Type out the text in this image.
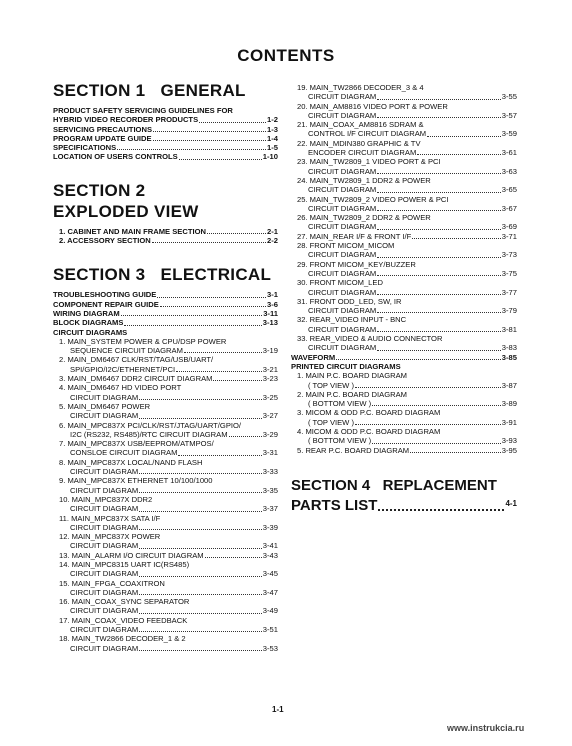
CONTENTS
SECTION 1   GENERAL
PRODUCT SAFETY SERVICING GUIDELINES FOR
HYBRID VIDEO RECORDER PRODUCTS	1-2
SERVICING PRECAUTIONS	1-3
PROGRAM UPDATE GUIDE	1-4
SPECIFICATIONS	1-5
LOCATION OF USERS CONTROLS	1-10
SECTION 2
EXPLODED VIEW
1. CABINET AND MAIN FRAME SECTION	2-1
2. ACCESSORY SECTION	2-2
SECTION 3   ELECTRICAL
TROUBLESHOOTING GUIDE	3-1
COMPONENT REPAIR GUIDE	3-6
WIRING DIAGRAM	3-11
BLOCK DIAGRAMS	3-13
CIRCUIT DIAGRAMS
1. MAIN_SYSTEM POWER & CPU/DSP POWER
SEQUENCE CIRCUIT DIAGRAM	3-19
2. MAIN_DM6467 CLK/RST/TAG/USB/UART/
SPI/GPIO/I2C/ETHERNET/PCI	3-21
3. MAIN_DM6467 DDR2 CIRCUIT DIAGRAM	3-23
4. MAIN_DM6467 HD VIDEO PORT
CIRCUIT DIAGRAM	3-25
5. MAIN_DM6467 POWER
CIRCUIT DIAGRAM	3-27
6. MAIN_MPC837X PCI/CLK/RST/JTAG/UART/GPIO/
I2C (RS232, RS485)/RTC CIRCUIT DIAGRAM	3-29
7. MAIN_MPC837X USB/EEPROM/ATMPOS/
CONSLOE CIRCUIT DIAGRAM	3-31
8. MAIN_MPC837X LOCAL/NAND FLASH
CIRCUIT DIAGRAM	3-33
9. MAIN_MPC837X ETHERNET 10/100/1000
CIRCUIT DIAGRAM	3-35
10. MAIN_MPC837X DDR2
CIRCUIT DIAGRAM	3-37
11. MAIN_MPC837X SATA I/F
CIRCUIT DIAGRAM	3-39
12. MAIN_MPC837X POWER
CIRCUIT DIAGRAM	3-41
13. MAIN_ALARM I/O CIRCUIT DIAGRAM	3-43
14. MAIN_MPC8315 UART IC(RS485)
CIRCUIT DIAGRAM	3-45
15. MAIN_FPGA_COAXITRON
CIRCUIT DIAGRAM	3-47
16. MAIN_COAX_SYNC SEPARATOR
CIRCUIT DIAGRAM	3-49
17. MAIN_COAX_VIDEO FEEDBACK
CIRCUIT DIAGRAM	3-51
18. MAIN_TW2866 DECODER_1 & 2
CIRCUIT DIAGRAM	3-53
19. MAIN_TW2866 DECODER_3 & 4
CIRCUIT DIAGRAM	3-55
20. MAIN_AM8816 VIDEO PORT & POWER
CIRCUIT DIAGRAM	3-57
21. MAIN_COAX_AM8816 SDRAM &
CONTROL I/F CIRCUIT DIAGRAM	3-59
22. MAIN_MDIN380 GRAPHIC & TV
ENCODER CIRCUIT DIAGRAM	3-61
23. MAIN_TW2809_1 VIDEO PORT & PCI
CIRCUIT DIAGRAM	3-63
24. MAIN_TW2809_1 DDR2 & POWER
CIRCUIT DIAGRAM	3-65
25. MAIN_TW2809_2 VIDEO POWER & PCI
CIRCUIT DIAGRAM	3-67
26. MAIN_TW2809_2 DDR2 & POWER
CIRCUIT DIAGRAM	3-69
27. MAIN_REAR I/F & FRONT I/F	3-71
28. FRONT MICOM_MICOM
CIRCUIT DIAGRAM	3-73
29. FRONT MICOM_KEY/BUZZER
CIRCUIT DIAGRAM	3-75
30. FRONT MICOM_LED
CIRCUIT DIAGRAM	3-77
31. FRONT ODD_LED, SW, IR
CIRCUIT DIAGRAM	3-79
32. REAR_VIDEO INPUT - BNC
CIRCUIT DIAGRAM	3-81
33. REAR_VIDEO & AUDIO CONNECTOR
CIRCUIT DIAGRAM	3-83
WAVEFORM	3-85
PRINTED CIRCUIT DIAGRAMS
1. MAIN P.C. BOARD DIAGRAM
( TOP VIEW )	3-87
2. MAIN P.C. BOARD DIAGRAM
( BOTTOM VIEW )	3-89
3. MICOM & ODD P.C. BOARD DIAGRAM
( TOP VIEW )	3-91
4. MICOM & ODD P.C. BOARD DIAGRAM
( BOTTOM VIEW )	3-93
5. REAR P.C. BOARD DIAGRAM	3-95
SECTION 4   REPLACEMENT
PARTS LIST	4-1
1-1
www.instrukcia.ru
